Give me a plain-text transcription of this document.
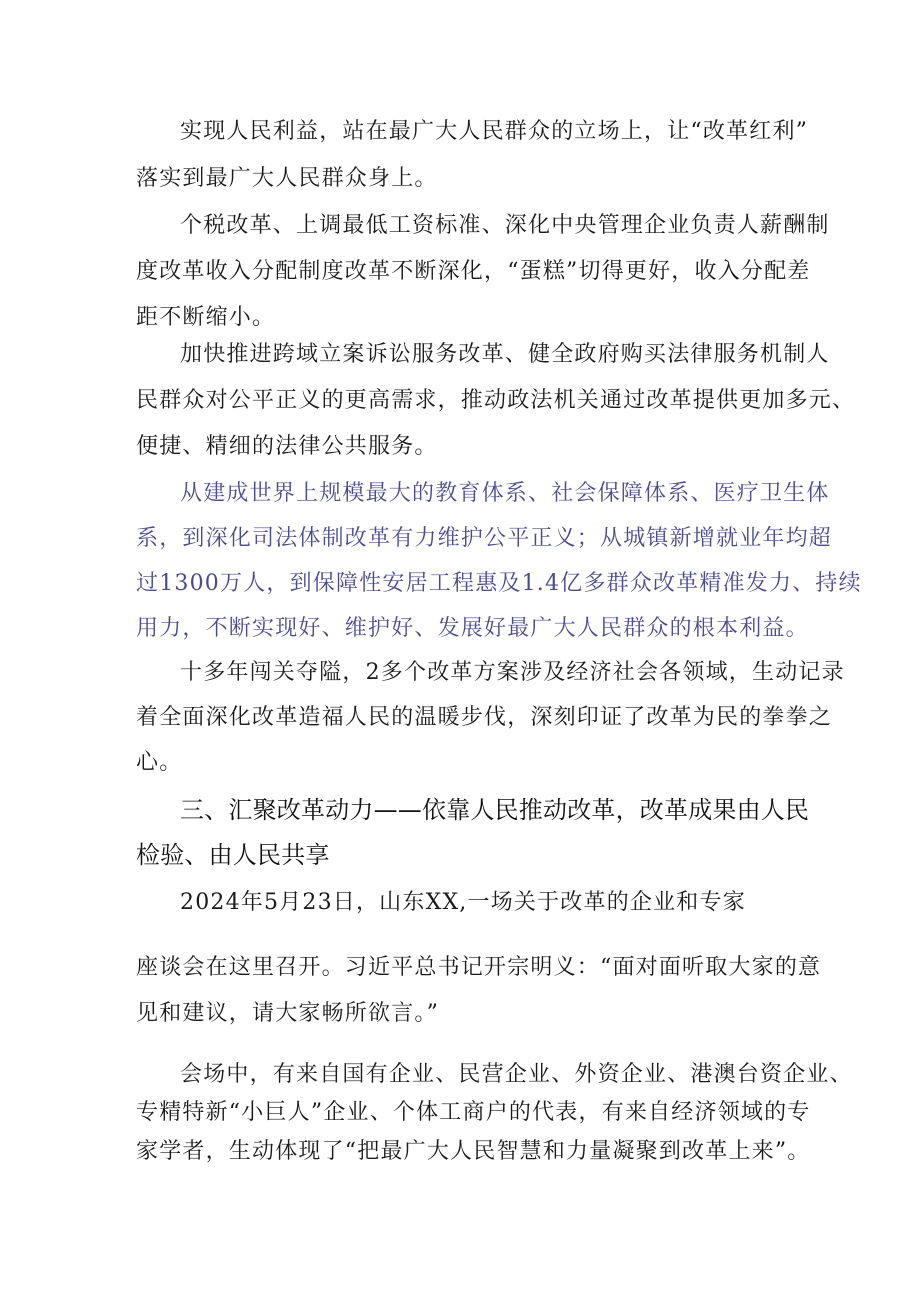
实现人民利益，站在最广大人民群众的立场上，让“改革红利”
落实到最广大人民群众身上。
个税改革、上调最低工资标准、深化中央管理企业负责人薪酬制
度改革收入分配制度改革不断深化，“蛋糕”切得更好，收入分配差
距不断缩小。
加快推进跨域立案诉讼服务改革、健全政府购买法律服务机制人
民群众对公平正义的更高需求，推动政法机关通过改革提供更加多元、
便捷、精细的法律公共服务。
从建成世界上规模最大的教育体系、社会保障体系、医疗卫生体
系，到深化司法体制改革有力维护公平正义；从城镇新增就业年均超
过1300万人，到保障性安居工程惠及1.4亿多群众改革精准发力、持续
用力，不断实现好、维护好、发展好最广大人民群众的根本利益。
十多年闯关夺隘，2多个改革方案涉及经济社会各领域，生动记录
着全面深化改革造福人民的温暖步伐，深刻印证了改革为民的拳拳之
心。
三、汇聚改革动力——依靠人民推动改革，改革成果由人民
检验、由人民共享
2024年5月23日，山东XX,一场关于改革的企业和专家
座谈会在这里召开。习近平总书记开宗明义：“面对面听取大家的意
见和建议，请大家畅所欲言。”
会场中，有来自国有企业、民营企业、外资企业、港澳台资企业、
专精特新“小巨人”企业、个体工商户的代表，有来自经济领域的专
家学者，生动体现了“把最广大人民智慧和力量凝聚到改革上来”。
